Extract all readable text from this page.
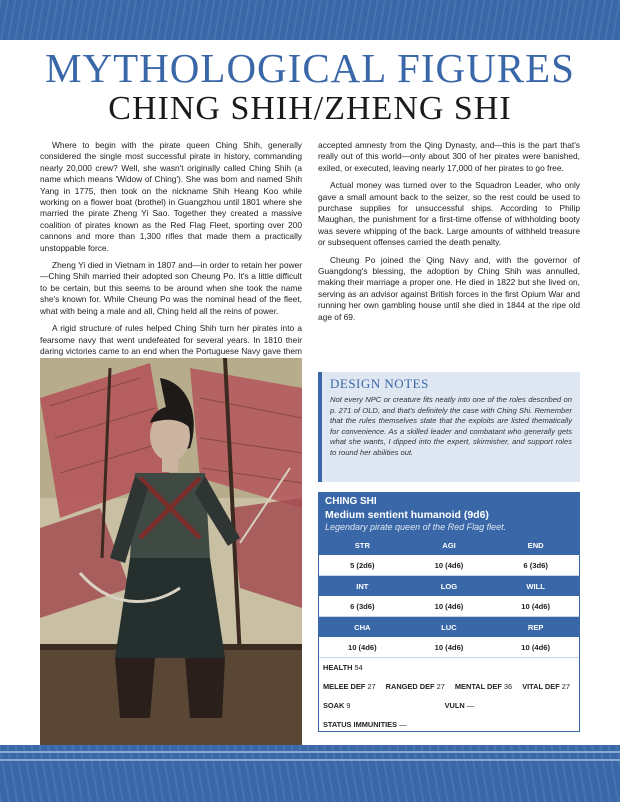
MYTHOLOGICAL FIGURES
CHING SHIH/ZHENG SHI

Where to begin with the pirate queen Ching Shih, generally considered the single most successful pirate in history, commanding nearly 20,000 crew? Well, she wasn't originally called Ching Shih (a name which means 'Widow of Ching'). She was born and named Shih Yang in 1775, then took on the nickname Shih Heang Koo while working on a flower boat (brothel) in Guangzhou until 1801 where she married the pirate Zheng Yi Sao. Together they created a massive coalition of pirates known as the Red Flag Fleet, sporting over 200 cannons and more than 1,300 rifles that made them a practically unstoppable force.

Zheng Yi died in Vietnam in 1807 and—in order to retain her power—Ching Shih married their adopted son Cheung Po. It's a little difficult to be certain, but this seems to be around when she took the name she's known for. While Cheung Po was the nominal head of the fleet, what with being a male and all, Ching held all the reins of power.

A rigid structure of rules helped Ching Shih turn her pirates into a fearsome navy that went undefeated for several years. In 1810 their daring victories came to an end when the Portuguese Navy gave them

accepted amnesty from the Qing Dynasty, and—this is the part that's really out of this world—only about 300 of her pirates were banished, exiled, or executed, leaving nearly 17,000 of her pirates to go free.

Actual money was turned over to the Squadron Leader, who only gave a small amount back to the seizer, so the rest could be used to purchase supplies for unsuccessful ships. According to Philip Maughan, the punishment for a first-time offense of withholding booty was severe whipping of the back. Large amounts of withheld treasure or subsequent offenses carried the death penalty.

Cheung Po joined the Qing Navy and, with the governor of Guangdong's blessing, the adoption by Ching Shih was annulled, making their marriage a proper one. He died in 1822 but she lived on, serving as an advisor against British forces in the first Opium War and running her own gambling house until she died in 1844 at the ripe old age of 69.

DESIGN NOTES
Not every NPC or creature fits neatly into one of the roles described on p. 271 of OLD, and that's definitely the case with Ching Shi. Remember that the rules themselves state that the exploits are listed thematically for convenience. As a skilled leader and combatant who generally gets what she wants, I dipped into the expert, skirmisher, and support roles to round her abilities out.
CHING SHI
Medium sentient humanoid (9d6)
Legendary pirate queen of the Red Flag fleet.
STR	AGI	END
5 (2d6)	10 (4d6)	6 (3d6)
INT	LOG	WILL
6 (3d6)	10 (4d6)	10 (4d6)
CHA	LUC	REP
10 (4d6)	10 (4d6)	10 (4d6)
HEALTH 54
MELEE DEF 27 RANGED DEF 27 MENTAL DEF 36 VITAL DEF 27
SOAK 9	VULN —
STATUS IMMUNITIES —
